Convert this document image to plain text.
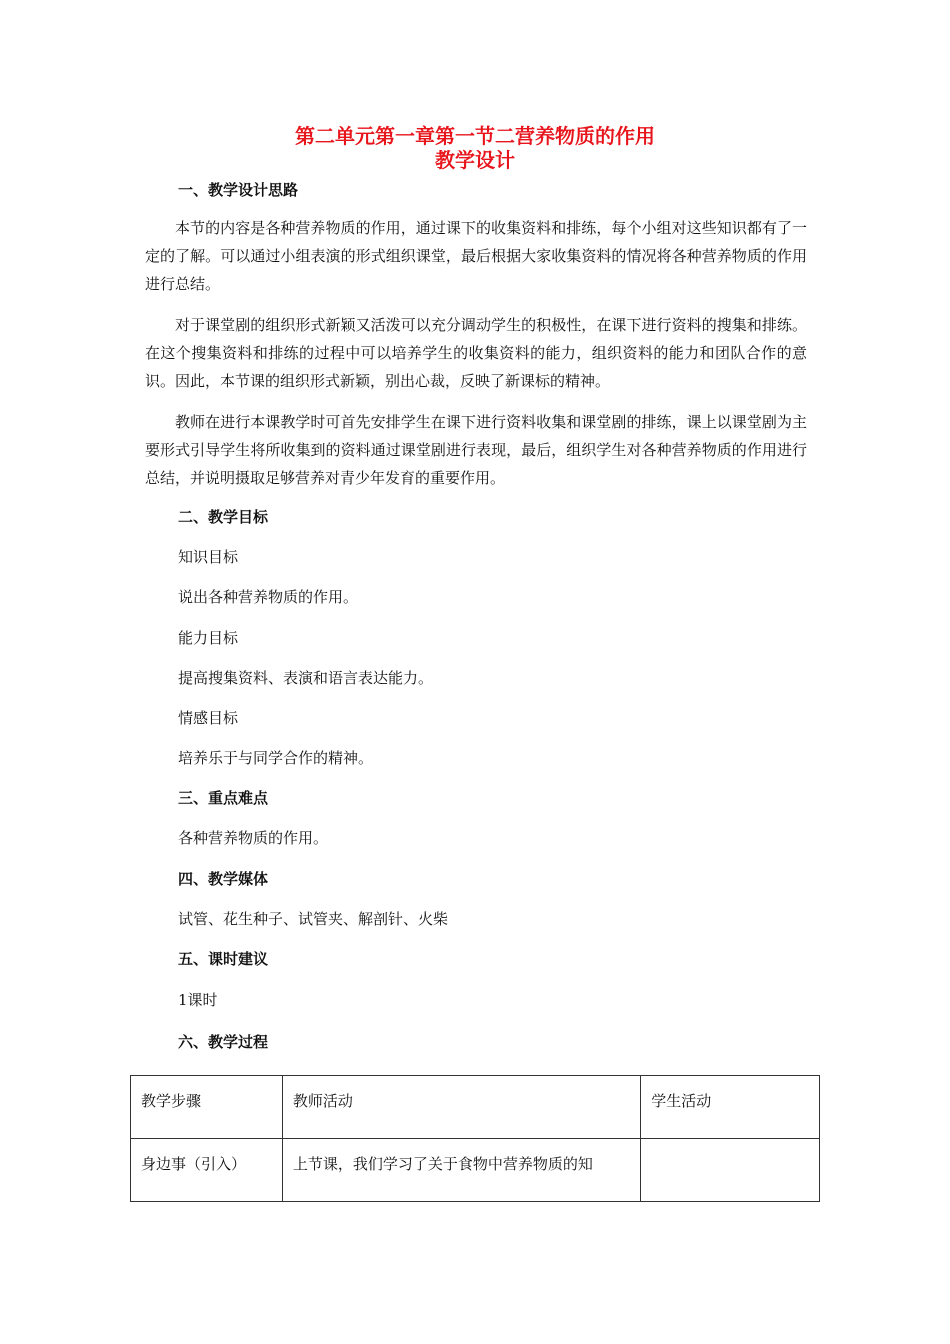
第二单元第一章第一节二营养物质的作用
教学设计
一、教学设计思路
本节的内容是各种营养物质的作用，通过课下的收集资料和排练，每个小组对这些知识都有了一定的了解。可以通过小组表演的形式组织课堂，最后根据大家收集资料的情况将各种营养物质的作用进行总结。
对于课堂剧的组织形式新颖又活泼可以充分调动学生的积极性，在课下进行资料的搜集和排练。在这个搜集资料和排练的过程中可以培养学生的收集资料的能力，组织资料的能力和团队合作的意识。因此，本节课的组织形式新颖，别出心裁，反映了新课标的精神。
教师在进行本课教学时可首先安排学生在课下进行资料收集和课堂剧的排练，课上以课堂剧为主要形式引导学生将所收集到的资料通过课堂剧进行表现，最后，组织学生对各种营养物质的作用进行总结，并说明摄取足够营养对青少年发育的重要作用。
二、教学目标
知识目标
说出各种营养物质的作用。
能力目标
提高搜集资料、表演和语言表达能力。
情感目标
培养乐于与同学合作的精神。
三、重点难点
各种营养物质的作用。
四、教学媒体
试管、花生种子、试管夹、解剖针、火柴
五、课时建议
1课时
六、教学过程
教学步骤	教师活动	学生活动
身边事（引入）	上节课，我们学习了关于食物中营养物质的知	
